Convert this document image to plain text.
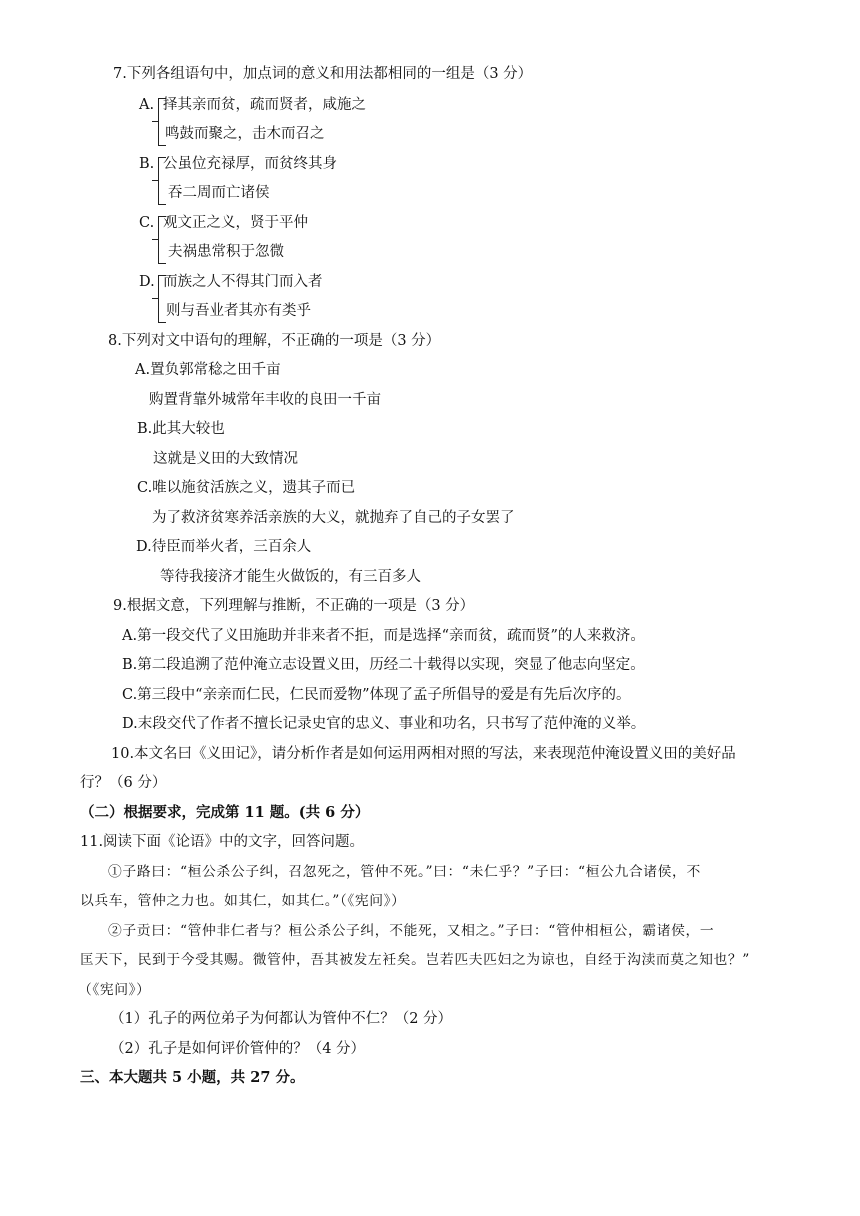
7.下列各组语句中，加点词的意义和用法都相同的一组是（3 分）
A. 择其亲而贫，疏而贤者，咸施之
鸣鼓而聚之，击木而召之
B. 公虽位充禄厚，而贫终其身
吞二周而亡诸侯
C. 观文正之义，贤于平仲
夫祸患常积于忽微
D. 而族之人不得其门而入者
则与吾业者其亦有类乎
8.下列对文中语句的理解，不正确的一项是（3 分）
A.置负郭常稔之田千亩
购置背靠外城常年丰收的良田一千亩
B.此其大较也
这就是义田的大致情况
C.唯以施贫活族之义，遗其子而已
为了救济贫寒养活亲族的大义，就抛弃了自己的子女罢了
D.待臣而举火者，三百余人
等待我接济才能生火做饭的，有三百多人
9.根据文意，下列理解与推断，不正确的一项是（3 分）
A.第一段交代了义田施助并非来者不拒，而是选择“亲而贫，疏而贤”的人来救济。
B.第二段追溯了范仲淹立志设置义田，历经二十载得以实现，突显了他志向坚定。
C.第三段中“亲亲而仁民，仁民而爱物”体现了孟子所倡导的爱是有先后次序的。
D.末段交代了作者不擅长记录史官的忠义、事业和功名，只书写了范仲淹的义举。
10.本文名曰《义田记》，请分析作者是如何运用两相对照的写法，来表现范仲淹设置义田的美好品
行？（6 分）
（二）根据要求，完成第 11 题。(共 6 分）
11.阅读下面《论语》中的文字，回答问题。
①子路曰：“桓公杀公子纠，召忽死之，管仲不死。”曰：“未仁乎？”子曰：“桓公九合诸侯，不
以兵车，管仲之力也。如其仁，如其仁。”（《宪问》）
②子贡曰：“管仲非仁者与？桓公杀公子纠，不能死，又相之。”子曰：“管仲相桓公，霸诸侯，一
匡天下，民到于今受其赐。微管仲，吾其被发左衽矣。岂若匹夫匹妇之为谅也，自经于沟渎而莫之知也？”
（《宪问》）
（1）孔子的两位弟子为何都认为管仲不仁？（2 分）
（2）孔子是如何评价管仲的？（4 分）
三、本大题共 5 小题，共 27 分。
